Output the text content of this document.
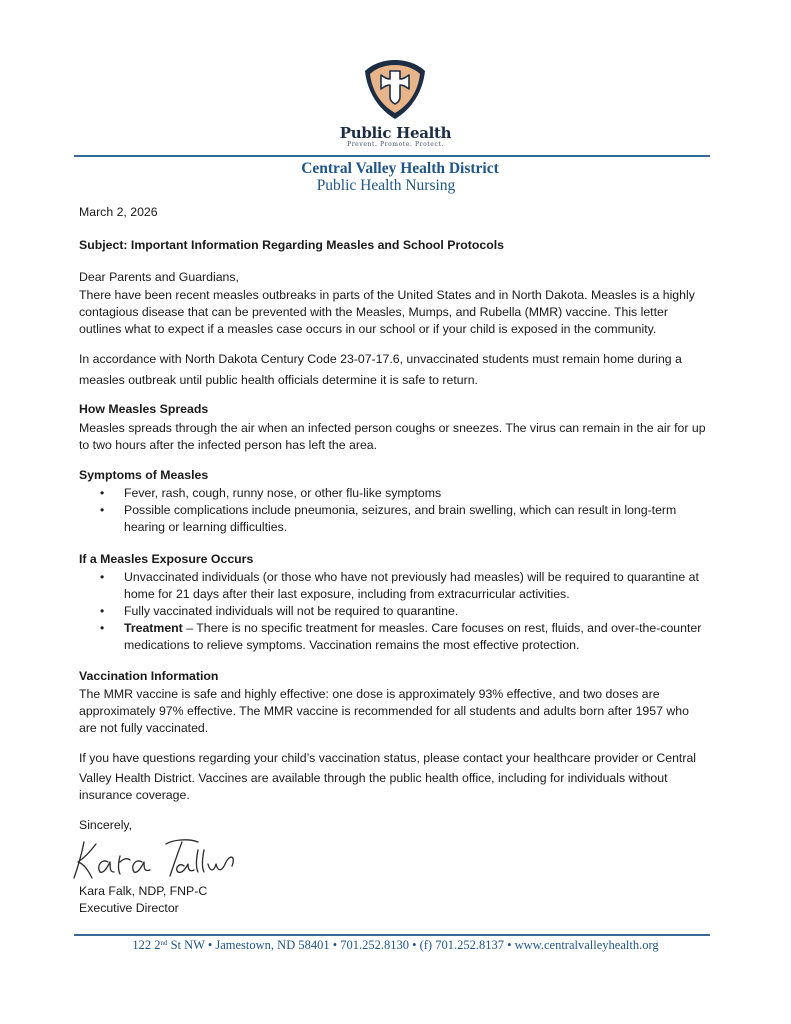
Public Health
Prevent. Promote. Protect.
Central Valley Health District
Public Health Nursing
March 2, 2026
Subject: Important Information Regarding Measles and School Protocols
Dear Parents and Guardians,
There have been recent measles outbreaks in parts of the United States and in North Dakota. Measles is a highly
contagious disease that can be prevented with the Measles, Mumps, and Rubella (MMR) vaccine. This letter
outlines what to expect if a measles case occurs in our school or if your child is exposed in the community.
In accordance with North Dakota Century Code 23-07-17.6, unvaccinated students must remain home during a
measles outbreak until public health officials determine it is safe to return.
How Measles Spreads
Measles spreads through the air when an infected person coughs or sneezes. The virus can remain in the air for up
to two hours after the infected person has left the area.
Symptoms of Measles
• Fever, rash, cough, runny nose, or other flu-like symptoms
• Possible complications include pneumonia, seizures, and brain swelling, which can result in long-term
hearing or learning difficulties.
If a Measles Exposure Occurs
• Unvaccinated individuals (or those who have not previously had measles) will be required to quarantine at
home for 21 days after their last exposure, including from extracurricular activities.
• Fully vaccinated individuals will not be required to quarantine.
• Treatment – There is no specific treatment for measles. Care focuses on rest, fluids, and over-the-counter
medications to relieve symptoms. Vaccination remains the most effective protection.
Vaccination Information
The MMR vaccine is safe and highly effective: one dose is approximately 93% effective, and two doses are
approximately 97% effective. The MMR vaccine is recommended for all students and adults born after 1957 who
are not fully vaccinated.
If you have questions regarding your child’s vaccination status, please contact your healthcare provider or Central
Valley Health District. Vaccines are available through the public health office, including for individuals without
insurance coverage.
Sincerely,
Kara Falk, NDP, FNP-C
Executive Director
122 2nd St NW • Jamestown, ND 58401 • 701.252.8130 • (f) 701.252.8137 • www.centralvalleyhealth.org
